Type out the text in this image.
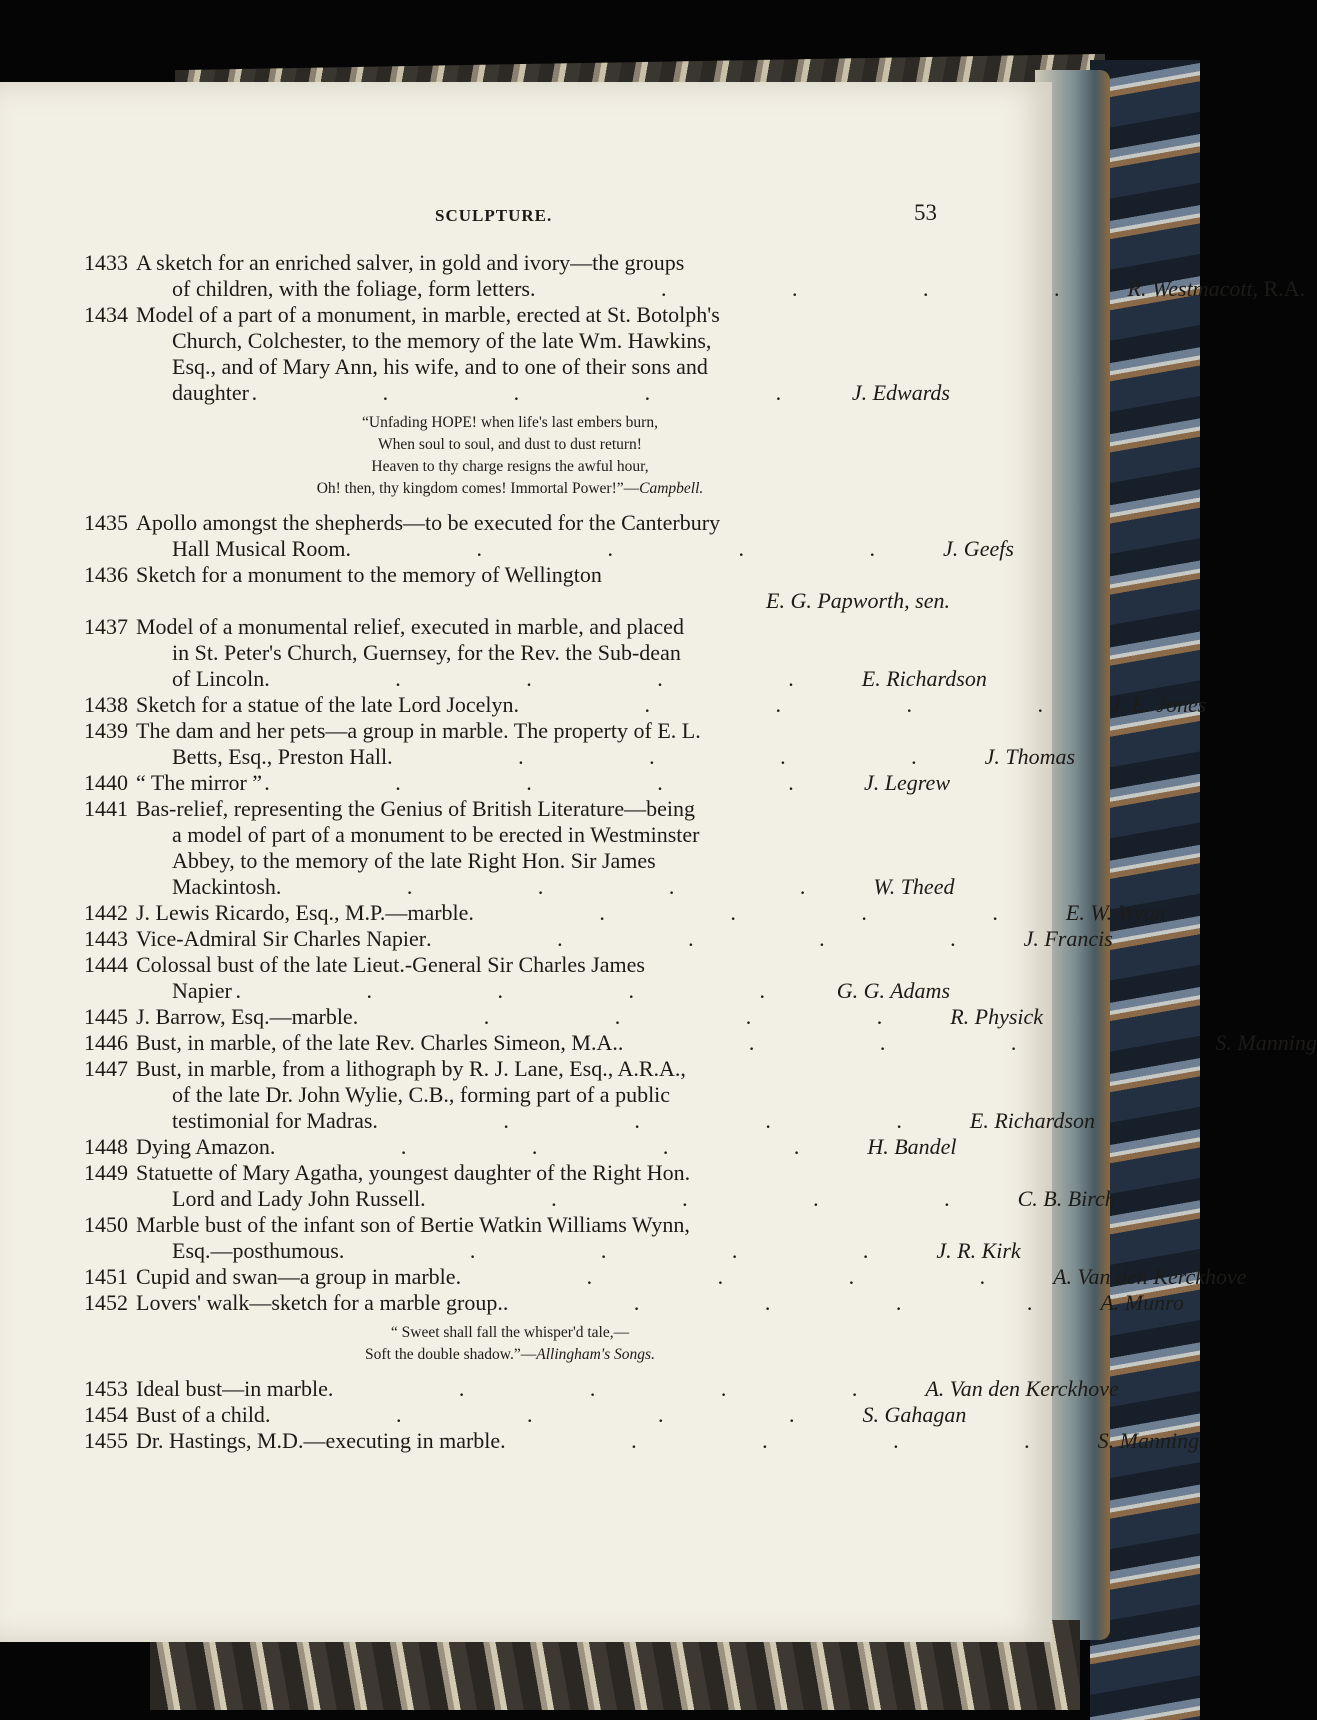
SCULPTURE.	53
1433 A sketch for an enriched salver, in gold and ivory—the groups
of children, with the foliage, form letters . . . . . R. Westmacott, R.A.
1434 Model of a part of a monument, in marble, erected at St. Botolph's
Church, Colchester, to the memory of the late Wm. Hawkins,
Esq., and of Mary Ann, his wife, and to one of their sons and
daughter . . . . . J. Edwards
“Unfading HOPE! when life's last embers burn,
When soul to soul, and dust to dust return!
Heaven to thy charge resigns the awful hour,
Oh! then, thy kingdom comes! Immortal Power!”—Campbell.
1435 Apollo amongst the shepherds—to be executed for the Canterbury
Hall Musical Room . . . . . J. Geefs
1436 Sketch for a monument to the memory of Wellington
E. G. Papworth, sen.
1437 Model of a monumental relief, executed in marble, and placed
in St. Peter's Church, Guernsey, for the Rev. the Sub-dean
of Lincoln . . . . . E. Richardson
1438 Sketch for a statue of the late Lord Jocelyn . . . . . J. E. Jones
1439 The dam and her pets—a group in marble. The property of E. L.
Betts, Esq., Preston Hall . . . . . J. Thomas
1440 “ The mirror ” . . . . . J. Legrew
1441 Bas-relief, representing the Genius of British Literature—being
a model of part of a monument to be erected in Westminster
Abbey, to the memory of the late Right Hon. Sir James
Mackintosh . . . . . W. Theed
1442 J. Lewis Ricardo, Esq., M.P.—marble . . . . . E. W. Wyon
1443 Vice-Admiral Sir Charles Napier . . . . . J. Francis
1444 Colossal bust of the late Lieut.-General Sir Charles James
Napier . . . . . G. G. Adams
1445 J. Barrow, Esq.—marble . . . . . R. Physick
1446 Bust, in marble, of the late Rev. Charles Simeon, M.A. . . . . . S. Manning
1447 Bust, in marble, from a lithograph by R. J. Lane, Esq., A.R.A.,
of the late Dr. John Wylie, C.B., forming part of a public
testimonial for Madras . . . . . E. Richardson
1448 Dying Amazon . . . . . H. Bandel
1449 Statuette of Mary Agatha, youngest daughter of the Right Hon.
Lord and Lady John Russell . . . . . C. B. Birch
1450 Marble bust of the infant son of Bertie Watkin Williams Wynn,
Esq.—posthumous . . . . . J. R. Kirk
1451 Cupid and swan—a group in marble . . . . . A. Van den Kerckhove
1452 Lovers' walk—sketch for a marble group. . . . . . A. Munro
“ Sweet shall fall the whisper'd tale,—
Soft the double shadow.”—Allingham's Songs.
1453 Ideal bust—in marble . . . . . A. Van den Kerckhove
1454 Bust of a child . . . . . S. Gahagan
1455 Dr. Hastings, M.D.—executing in marble . . . . . S. Manning
